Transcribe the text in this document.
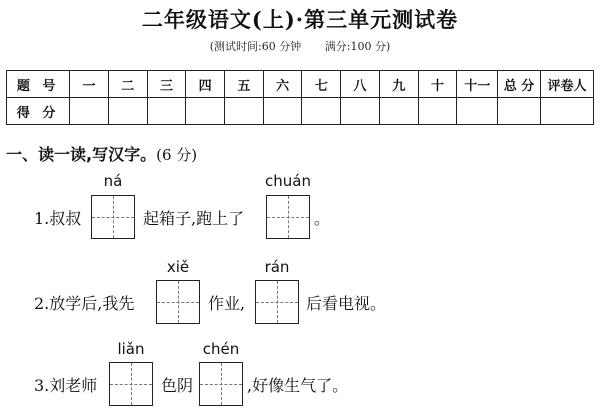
二年级语文(上)·第三单元测试卷
(测试时间:60 分钟 满分:100 分)
题 号	一	二	三	四	五	六	七	八	九	十	十一	总 分	评卷人
得 分													
一、读一读,写汉字。(6 分)
ná	chuán
1.叔叔	起箱子,跑上了	。
xiě	rán
2.放学后,我先	作业,	后看电视。
liǎn	chén
3.刘老师	色阴	,好像生气了。
